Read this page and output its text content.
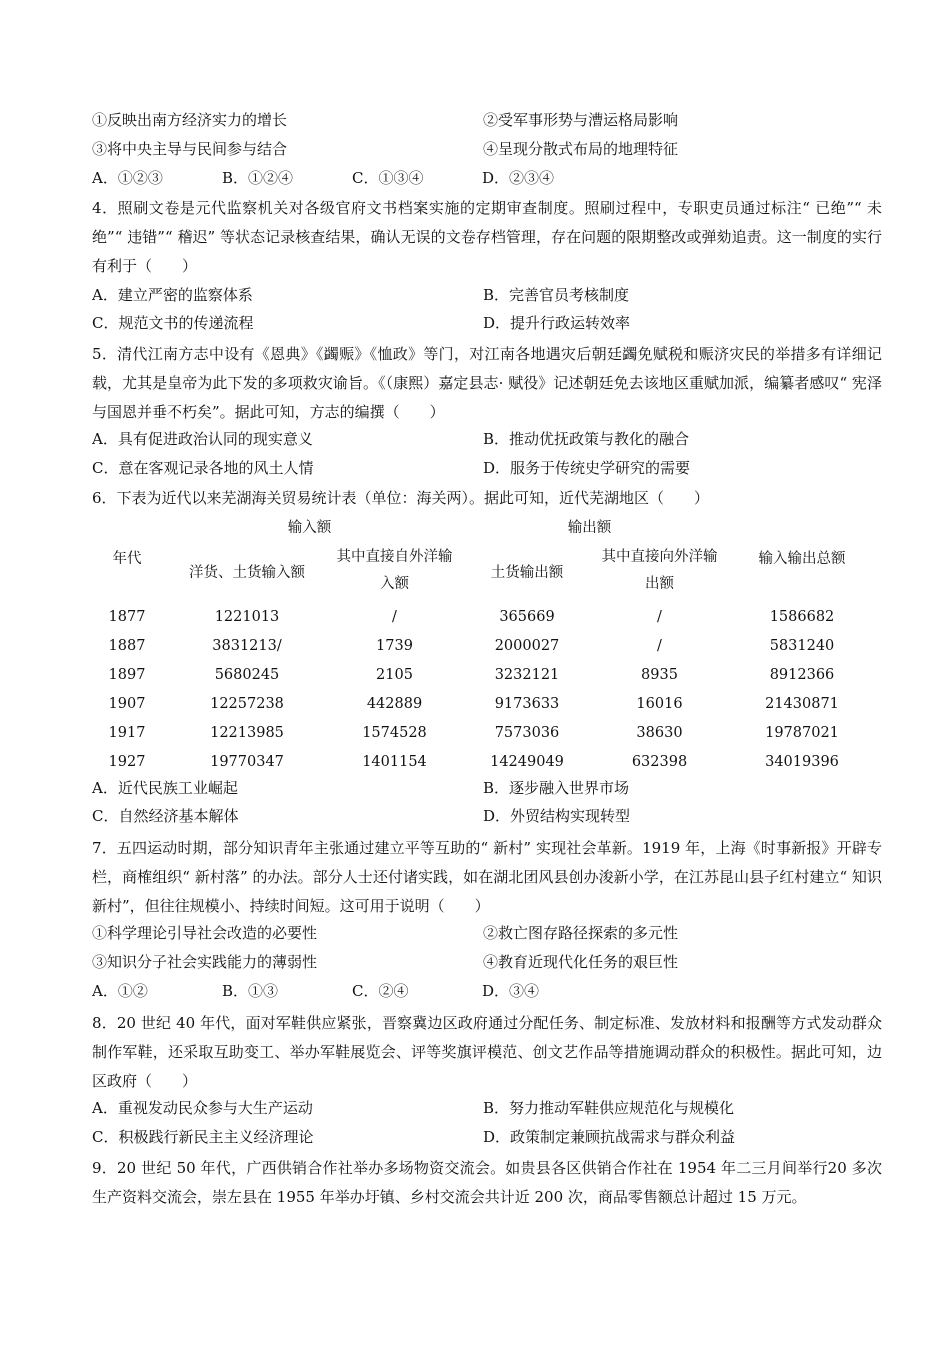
①反映出南方经济实力的增长	②受军事形势与漕运格局影响
③将中央主导与民间参与结合	④呈现分散式布局的地理特征
A．①②③	B．①②④	C．①③④	D．②③④
4．照刷文卷是元代监察机关对各级官府文书档案实施的定期审查制度。照刷过程中，专职吏员通过标注“ 已绝”“ 未绝”“ 违错”“ 稽迟” 等状态记录核查结果，确认无误的文卷存档管理，存在问题的限期整改或弹劾追责。这一制度的实行有利于（　　）
A．建立严密的监察体系	B．完善官员考核制度
C．规范文书的传递流程	D．提升行政运转效率
5．清代江南方志中设有《恩典》《蠲赈》《恤政》等门，对江南各地遇灾后朝廷蠲免赋税和赈济灾民的举措多有详细记载，尤其是皇帝为此下发的多项救灾谕旨。《（康熙）嘉定县志· 赋役》记述朝廷免去该地区重赋加派，编纂者感叹“ 宪泽与国恩并垂不朽矣”。据此可知，方志的编撰（　　）
A．具有促进政治认同的现实意义	B．推动优抚政策与教化的融合
C．意在客观记录各地的风土人情	D．服务于传统史学研究的需要
6．下表为近代以来芜湖海关贸易统计表（单位：海关两）。据此可知，近代芜湖地区（　　）
年代	输入额		输出额		输入输出总额
	洋货、土货输入额	其中直接自外洋输入额	土货输出额	其中直接向外洋输出额	
1877	1221013	/	365669	/	1586682
1887	3831213/	1739	2000027	/	5831240
1897	5680245	2105	3232121	8935	8912366
1907	12257238	442889	9173633	16016	21430871
1917	12213985	1574528	7573036	38630	19787021
1927	19770347	1401154	14249049	632398	34019396
A．近代民族工业崛起	B．逐步融入世界市场
C．自然经济基本解体	D．外贸结构实现转型
7．五四运动时期，部分知识青年主张通过建立平等互助的“ 新村” 实现社会革新。1919 年，上海《时事新报》开辟专栏，商榷组织“ 新村落” 的办法。部分人士还付诸实践，如在湖北团风县创办浚新小学，在江苏昆山县子红村建立“ 知识新村”，但往往规模小、持续时间短。这可用于说明（　　）
①科学理论引导社会改造的必要性	②救亡图存路径探索的多元性
③知识分子社会实践能力的薄弱性	④教育近现代化任务的艰巨性
A．①②	B．①③	C．②④	D．③④
8．20 世纪 40 年代，面对军鞋供应紧张，晋察冀边区政府通过分配任务、制定标准、发放材料和报酬等方式发动群众制作军鞋，还采取互助变工、举办军鞋展览会、评等奖旗评模范、创文艺作品等措施调动群众的积极性。据此可知，边区政府（　　）
A．重视发动民众参与大生产运动	B．努力推动军鞋供应规范化与规模化
C．积极践行新民主主义经济理论	D．政策制定兼顾抗战需求与群众利益
9．20 世纪 50 年代，广西供销合作社举办多场物资交流会。如贵县各区供销合作社在 1954 年二三月间举行20 多次生产资料交流会，崇左县在 1955 年举办圩镇、乡村交流会共计近 200 次，商品零售额总计超过 15 万元。
